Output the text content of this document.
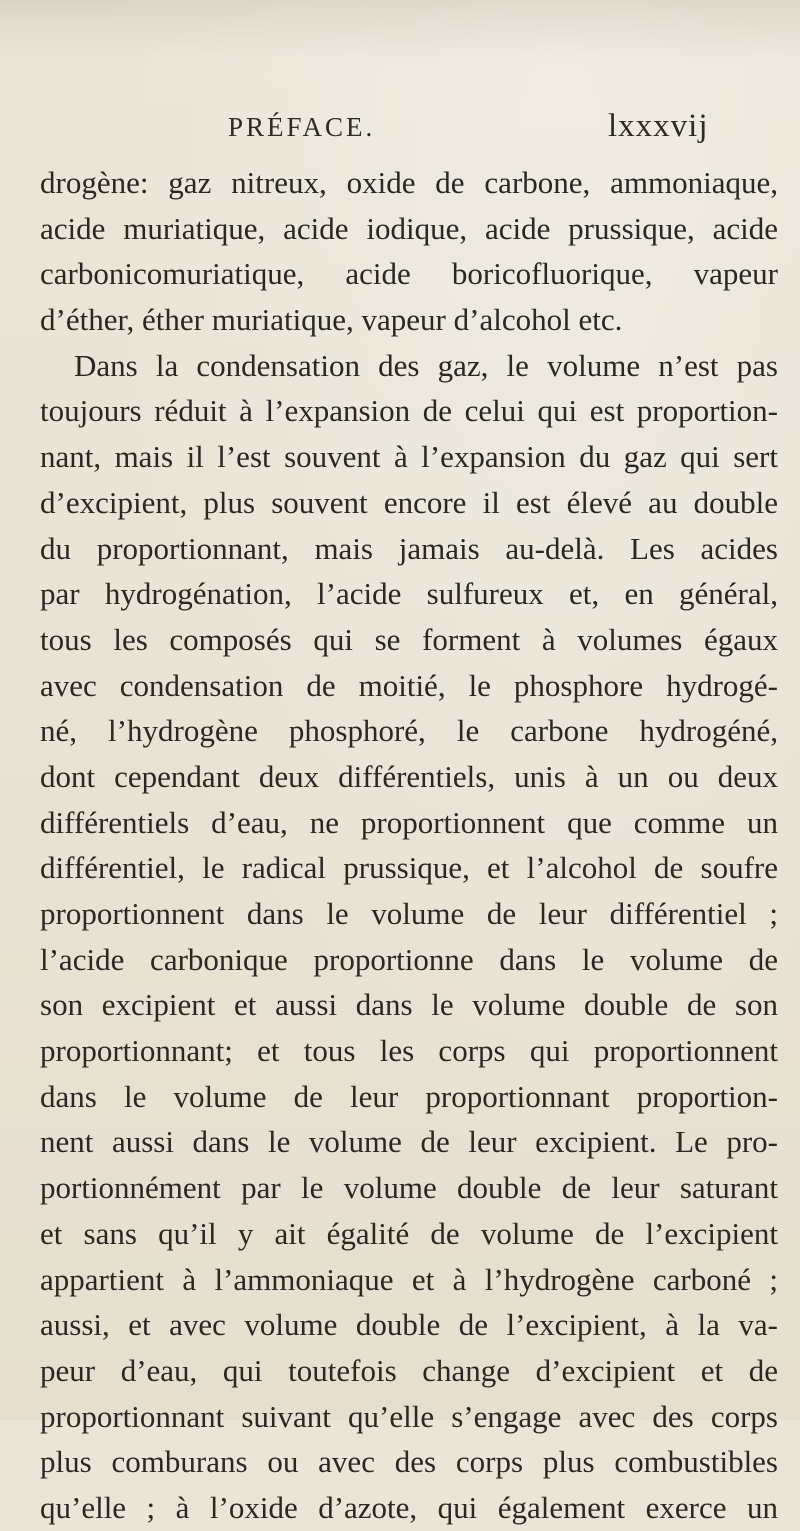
PRÉFACE.	lxxxvij
drogène: gaz nitreux, oxide de carbone, ammoniaque,
acide muriatique, acide iodique, acide prussique, acide
carbonicomuriatique, acide boricofluorique, vapeur
d’éther, éther muriatique, vapeur d’alcohol etc.
Dans la condensation des gaz, le volume n’est pas
toujours réduit à l’expansion de celui qui est proportion-
nant, mais il l’est souvent à l’expansion du gaz qui sert
d’excipient, plus souvent encore il est élevé au double
du proportionnant, mais jamais au-delà. Les acides
par hydrogénation, l’acide sulfureux et, en général,
tous les composés qui se forment à volumes égaux
avec condensation de moitié, le phosphore hydrogé-
né, l’hydrogène phosphoré, le carbone hydrogéné,
dont cependant deux différentiels, unis à un ou deux
différentiels d’eau, ne proportionnent que comme un
différentiel, le radical prussique, et l’alcohol de soufre
proportionnent dans le volume de leur différentiel ;
l’acide carbonique proportionne dans le volume de
son excipient et aussi dans le volume double de son
proportionnant; et tous les corps qui proportionnent
dans le volume de leur proportionnant proportion-
nent aussi dans le volume de leur excipient. Le pro-
portionnément par le volume double de leur saturant
et sans qu’il y ait égalité de volume de l’excipient
appartient à l’ammoniaque et à l’hydrogène carboné ;
aussi, et avec volume double de l’excipient, à la va-
peur d’eau, qui toutefois change d’excipient et de
proportionnant suivant qu’elle s’engage avec des corps
plus comburans ou avec des corps plus combustibles
qu’elle ; à l’oxide d’azote, qui également exerce un
